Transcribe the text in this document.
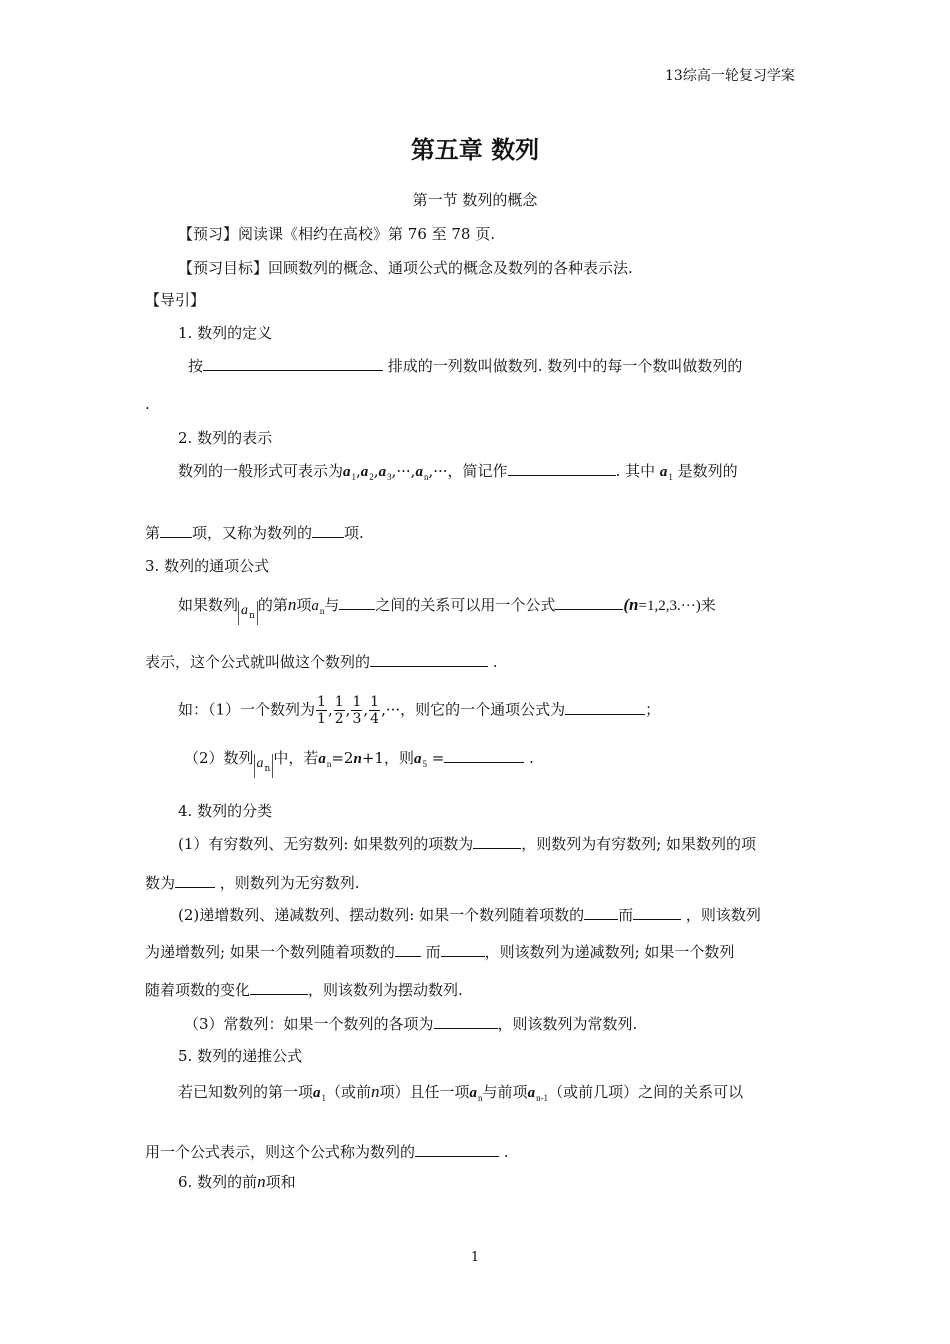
13综高一轮复习学案
第五章 数列
第一节 数列的概念
【预习】阅读课《相约在高校》第 76 至 78 页.
【预习目标】回顾数列的概念、通项公式的概念及数列的各种表示法.
【导引】
1. 数列的定义
按	排成的一列数叫做数列. 数列中的每一个数叫做数列的
.
2. 数列的表示
数列的一般形式可表示为$a_1,a_2,a_3,\cdot\cdot\cdot,a_n,\cdot\cdot\cdot$，简记作	. 其中 $a_1$ 是数列的
第 项，又称为数列的 项.
3. 数列的通项公式
如果数列 $a_n$的第n项$a_n$与 之间的关系可以用一个公式	(n=1,2,3.···)来
表示，这个公式就叫做这个数列的	.
如：（1）一个数列为 $\frac{1}{1}$ , $\frac{1}{2}$ , $\frac{1}{3}$ , $\frac{1}{4}$ ,···，则它的一个通项公式为	；
（2）数列 $a_n$中，若$a_n=2n+1$，则$a_5$ =	.
4. 数列的分类
(1）有穷数列、无穷数列: 如果数列的项数为	，则数列为有穷数列; 如果数列的项
数为	，则数列为无穷数列.
(2)递增数列、递减数列、摆动数列: 如果一个数列随着项数的 而	，则该数列
为递增数列; 如果一个数列随着项数的 而	，则该数列为递减数列; 如果一个数列
随着项数的变化	，则该数列为摆动数列.
（3）常数列：如果一个数列的各项为	，则该数列为常数列.
5. 数列的递推公式
若已知数列的第一项$a_1$（或前n项）且任一项$a_n$与前项$a_{n-1}$（或前几项）之间的关系可以
用一个公式表示，则这个公式称为数列的	.
6. 数列的前n项和
1
